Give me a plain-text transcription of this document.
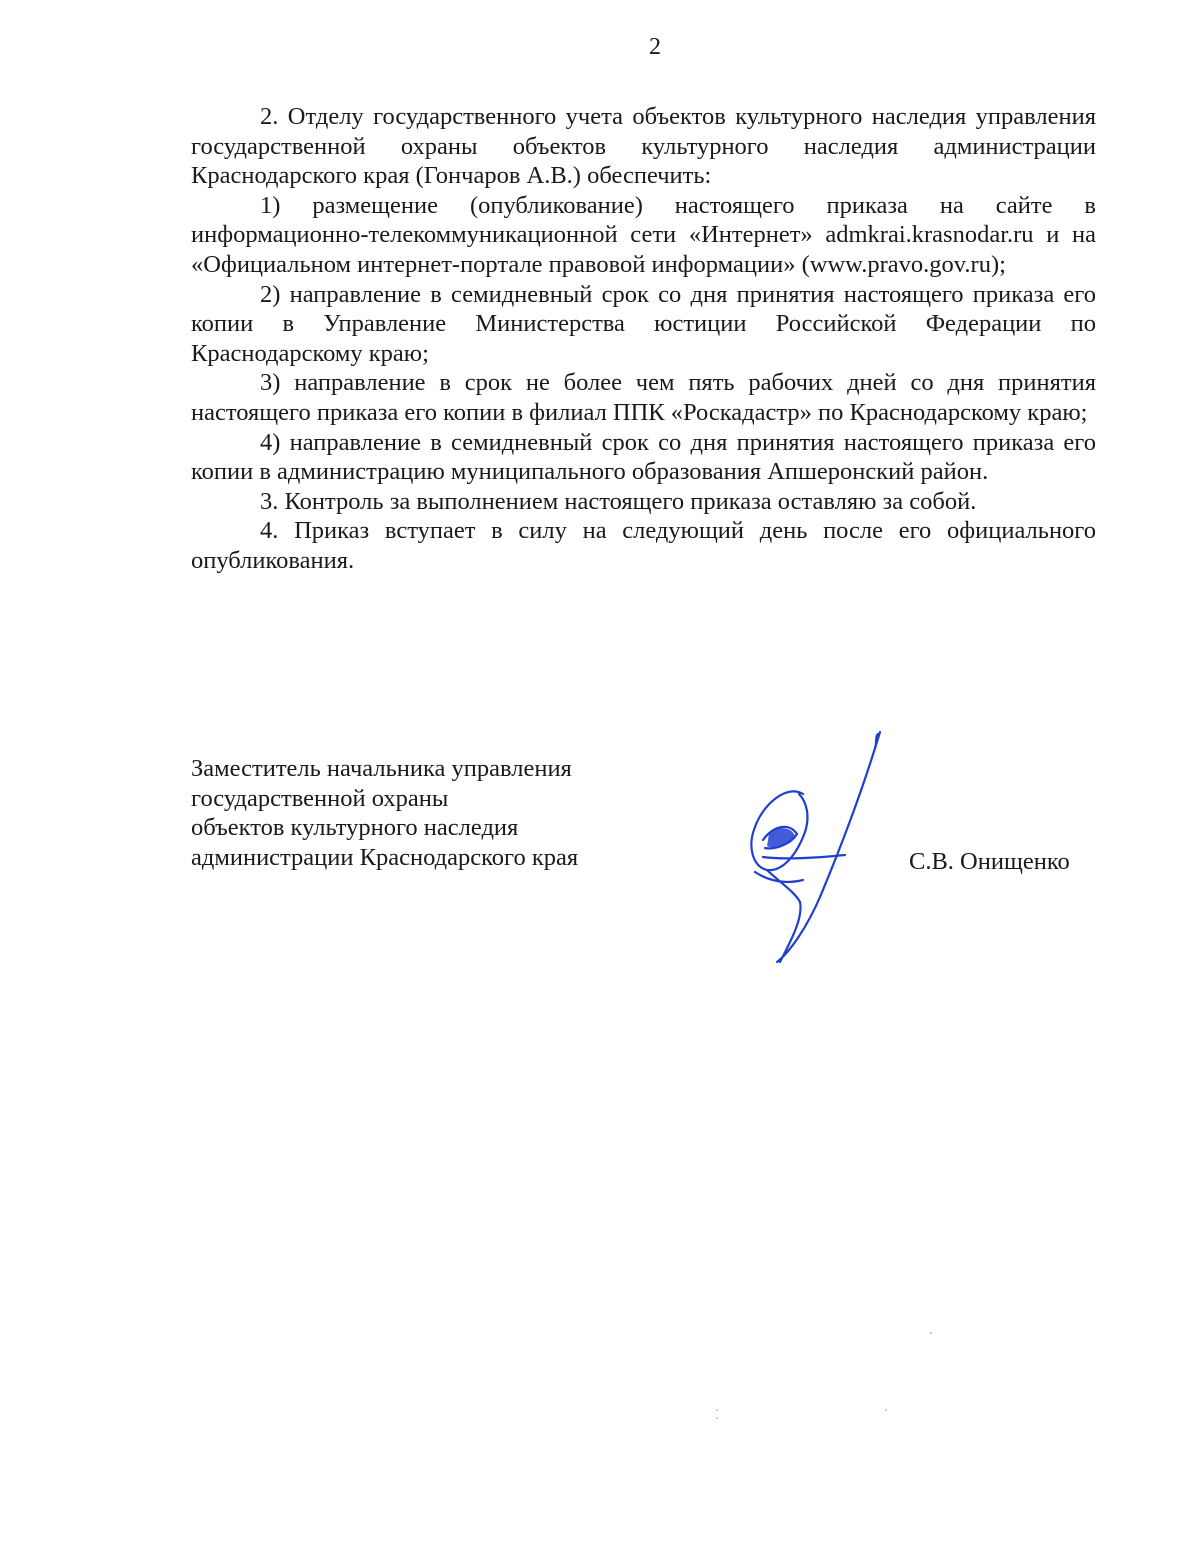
2

2. Отделу государственного учета объектов культурного наследия управления государственной охраны объектов культурного наследия администрации Краснодарского края (Гончаров А.В.) обеспечить:

1) размещение (опубликование) настоящего приказа на сайте в информационно-телекоммуникационной сети «Интернет» admkrai.krasnodar.ru и на «Официальном интернет-портале правовой информации» (www.pravo.gov.ru);

2) направление в семидневный срок со дня принятия настоящего приказа его копии в Управление Министерства юстиции Российской Федерации по Краснодарскому краю;

3) направление в срок не более чем пять рабочих дней со дня принятия настоящего приказа его копии в филиал ППК «Роскадастр» по Краснодарскому краю;

4) направление в семидневный срок со дня принятия настоящего приказа его копии в администрацию муниципального образования Апшеронский район.

3. Контроль за выполнением настоящего приказа оставляю за собой.

4. Приказ вступает в силу на следующий день после его официального опубликования.

Заместитель начальника управления
государственной охраны
объектов культурного наследия
администрации Краснодарского края	С.В. Онищенко
